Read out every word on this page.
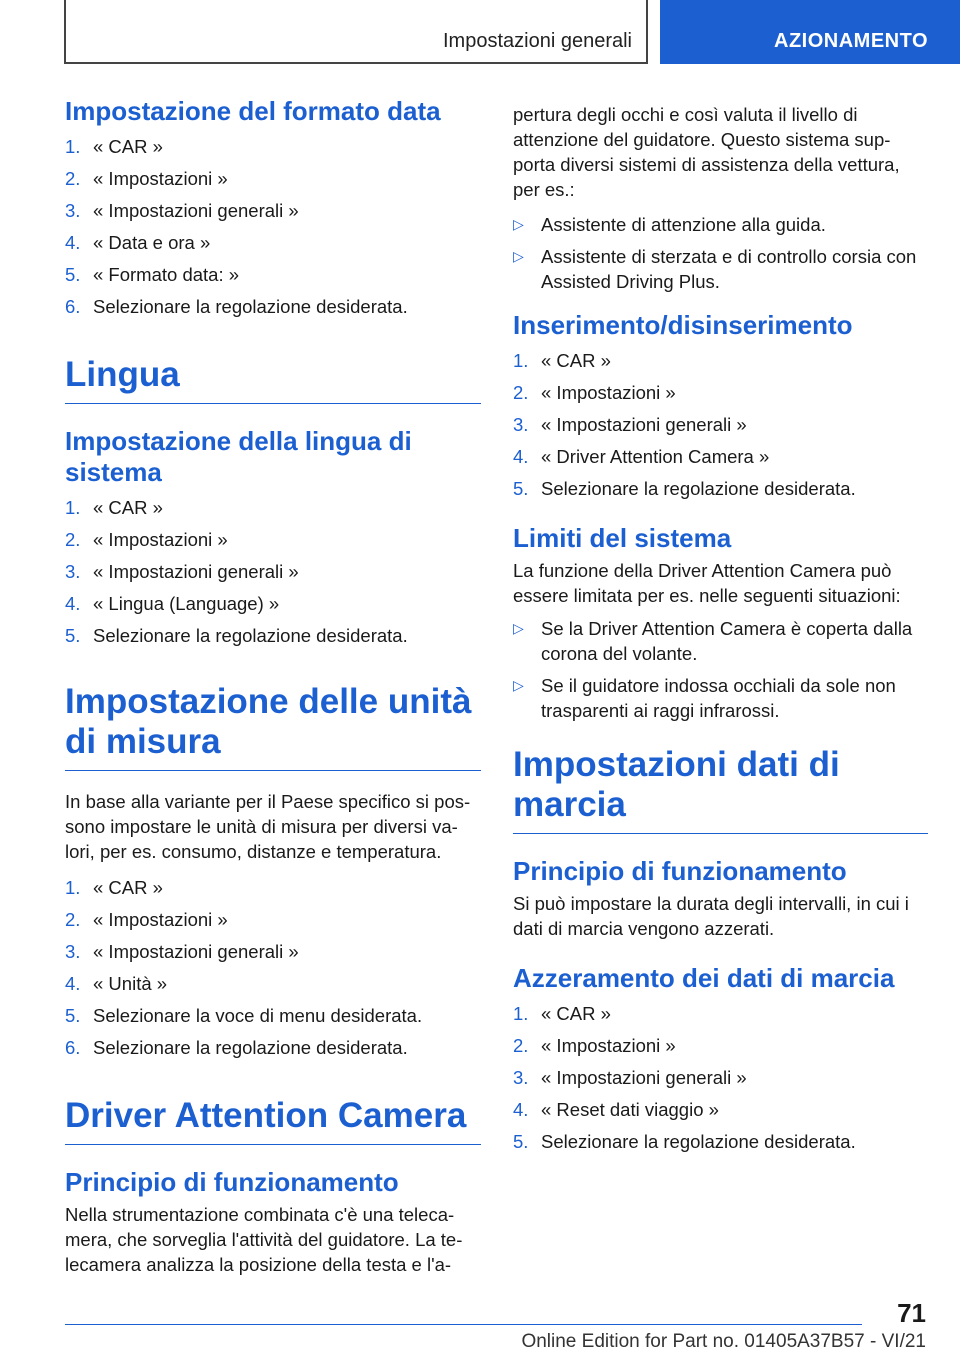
Impostazioni generali	AZIONAMENTO
Impostazione del formato data
1. « CAR »
2. « Impostazioni »
3. « Impostazioni generali »
4. « Data e ora »
5. « Formato data: »
6. Selezionare la regolazione desiderata.
Lingua
Impostazione della lingua di sistema
1. « CAR »
2. « Impostazioni »
3. « Impostazioni generali »
4. « Lingua (Language) »
5. Selezionare la regolazione desiderata.
Impostazione delle unità di misura

In base alla variante per il Paese specifico si pos-sono impostare le unità di misura per diversi va-lori, per es. consumo, distanze e temperatura.

1. « CAR »
2. « Impostazioni »
3. « Impostazioni generali »
4. « Unità »
5. Selezionare la voce di menu desiderata.
6. Selezionare la regolazione desiderata.
Driver Attention Camera
Principio di funzionamento

Nella strumentazione combinata c'è una teleca-mera, che sorveglia l'attività del guidatore. La te-lecamera analizza la posizione della testa e l'a-

pertura degli occhi e così valuta il livello di attenzione del guidatore. Questo sistema sup-porta diversi sistemi di assistenza della vettura, per es.:

▷ Assistente di attenzione alla guida.
▷ Assistente di sterzata e di controllo corsia con Assisted Driving Plus.
Inserimento/disinserimento
1. « CAR »
2. « Impostazioni »
3. « Impostazioni generali »
4. « Driver Attention Camera »
5. Selezionare la regolazione desiderata.
Limiti del sistema

La funzione della Driver Attention Camera può essere limitata per es. nelle seguenti situazioni:

▷ Se la Driver Attention Camera è coperta dalla corona del volante.
▷ Se il guidatore indossa occhiali da sole non trasparenti ai raggi infrarossi.
Impostazioni dati di marcia
Principio di funzionamento

Si può impostare la durata degli intervalli, in cui i dati di marcia vengono azzerati.

Azzeramento dei dati di marcia
1. « CAR »
2. « Impostazioni »
3. « Impostazioni generali »
4. « Reset dati viaggio »
5. Selezionare la regolazione desiderata.
71
Online Edition for Part no. 01405A37B57 - VI/21
